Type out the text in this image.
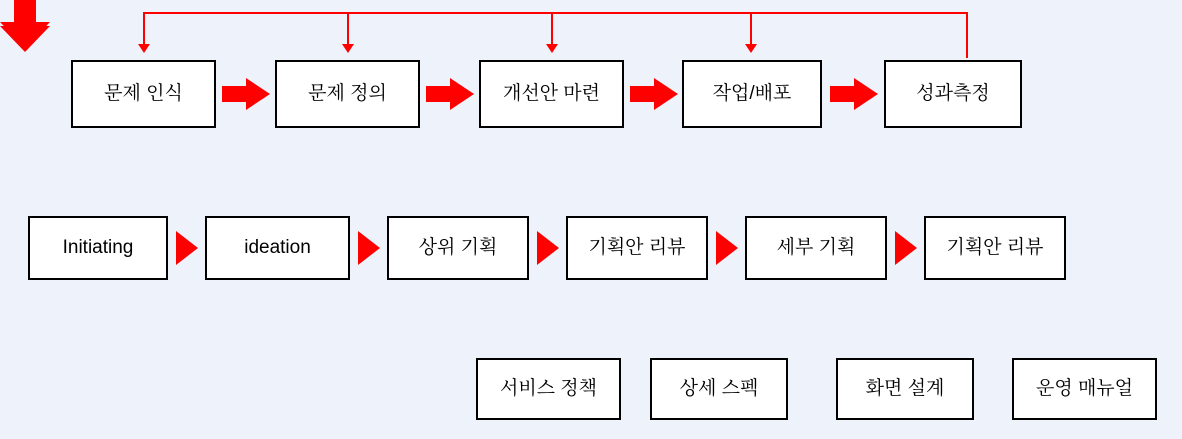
문제 인식	문제 정의	개선안 마련	작업/배포	성과측정
Initiating	ideation	상위 기획	기획안 리뷰	세부 기획	기획안 리뷰
서비스 정책	상세 스펙	화면 설계	운영 매뉴얼
